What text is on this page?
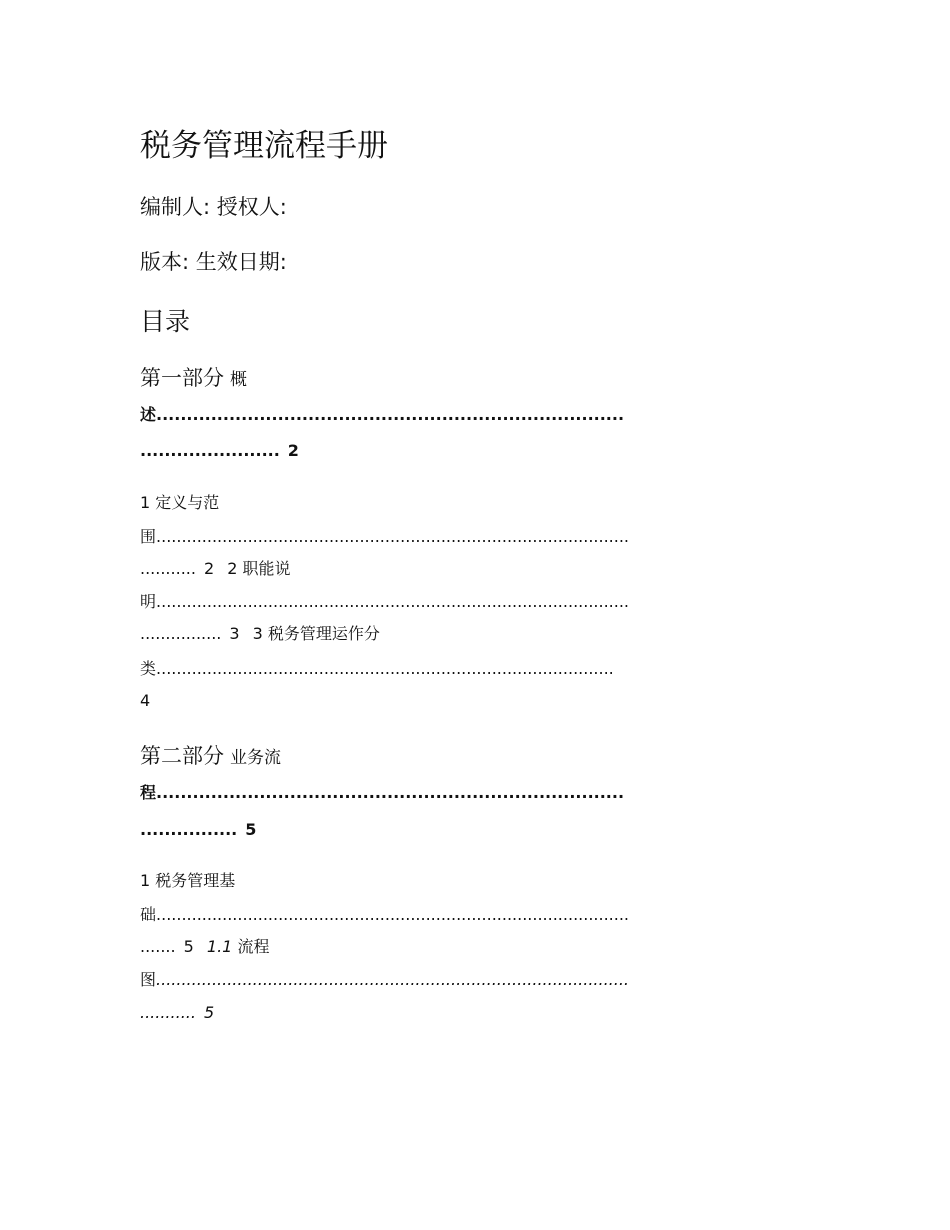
税务管理流程手册
编制人: 授权人:
版本: 生效日期:
目录
第一部分 概
述.............................................................................
....................... 2
1 定义与范
围.............................................................................................
........... 2 2 职能说
明.............................................................................................
................ 3 3 税务管理运作分
类..........................................................................................
4
第二部分 业务流
程.............................................................................
................ 5
1 税务管理基
础.............................................................................................
....... 5 1.1 流程
图.............................................................................................
........... 5
